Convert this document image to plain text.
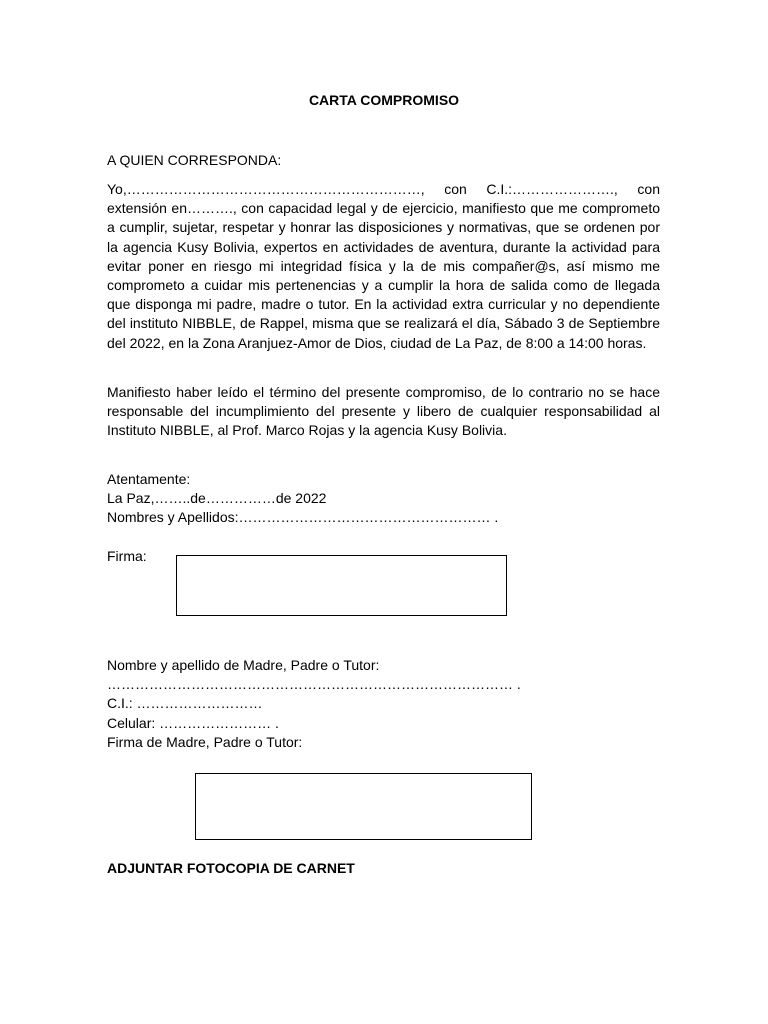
CARTA COMPROMISO
A QUIEN CORRESPONDA:
Yo,………………………………………………………, con C.I.:…………………., con extensión en………., con capacidad legal y de ejercicio, manifiesto que me comprometo a cumplir, sujetar, respetar y honrar las disposiciones y normativas, que se ordenen por la agencia Kusy Bolivia, expertos en actividades de aventura, durante la actividad para evitar poner en riesgo mi integridad física y la de mis compañer@s, así mismo me comprometo a cuidar mis pertenencias y a cumplir la hora de salida como de llegada que disponga mi padre, madre o tutor. En la actividad extra curricular y no dependiente del instituto NIBBLE, de Rappel, misma que se realizará el día, Sábado 3 de Septiembre del 2022, en la Zona Aranjuez-Amor de Dios, ciudad de La Paz, de 8:00 a 14:00 horas.
Manifiesto haber leído el término del presente compromiso, de lo contrario no se hace responsable del incumplimiento del presente y libero de cualquier responsabilidad al Instituto NIBBLE, al Prof. Marco Rojas y la agencia Kusy Bolivia.
Atentamente:
La Paz,……..de……………de 2022
Nombres y Apellidos:……………………………………………… .
Firma:
Nombre y apellido de Madre, Padre o Tutor:
…………………………………………………………………………… .
C.I.: ………………………
Celular: …………………… .
Firma de Madre, Padre o Tutor:
ADJUNTAR FOTOCOPIA DE CARNET
